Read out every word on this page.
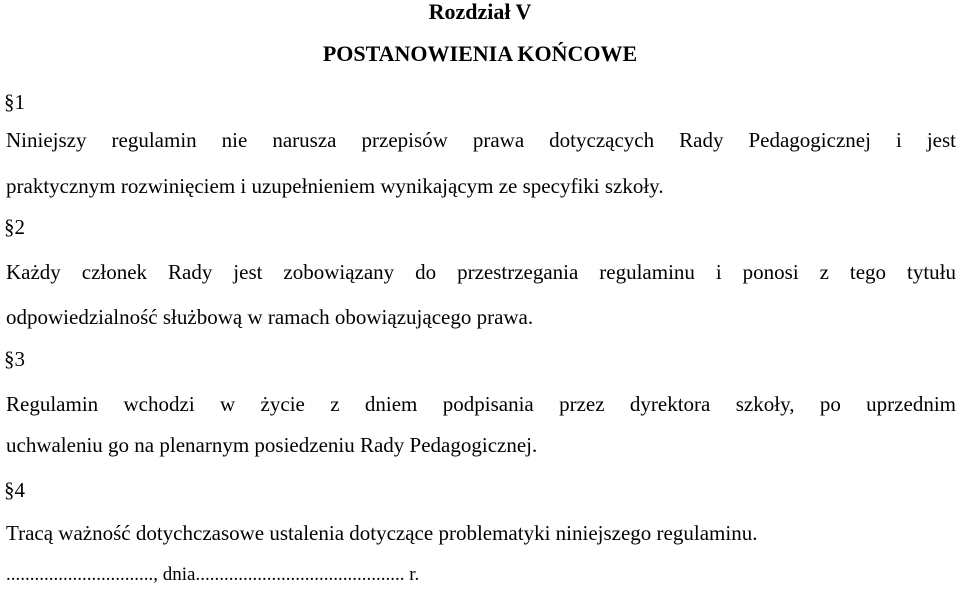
Rozdział V
POSTANOWIENIA KOŃCOWE
§1
Niniejszy regulamin nie narusza przepisów prawa dotyczących Rady Pedagogicznej i jest
praktycznym rozwinięciem i uzupełnieniem wynikającym ze specyfiki szkoły.
§2
Każdy członek Rady jest zobowiązany do przestrzegania regulaminu i ponosi z tego tytułu
odpowiedzialność służbową w ramach obowiązującego prawa.
§3
Regulamin wchodzi w życie z dniem podpisania przez dyrektora szkoły, po uprzednim
uchwaleniu go na plenarnym posiedzeniu Rady Pedagogicznej.
§4
Tracą ważność dotychczasowe ustalenia dotyczące problematyki niniejszego regulaminu.
..............................., dnia............................................ r.
